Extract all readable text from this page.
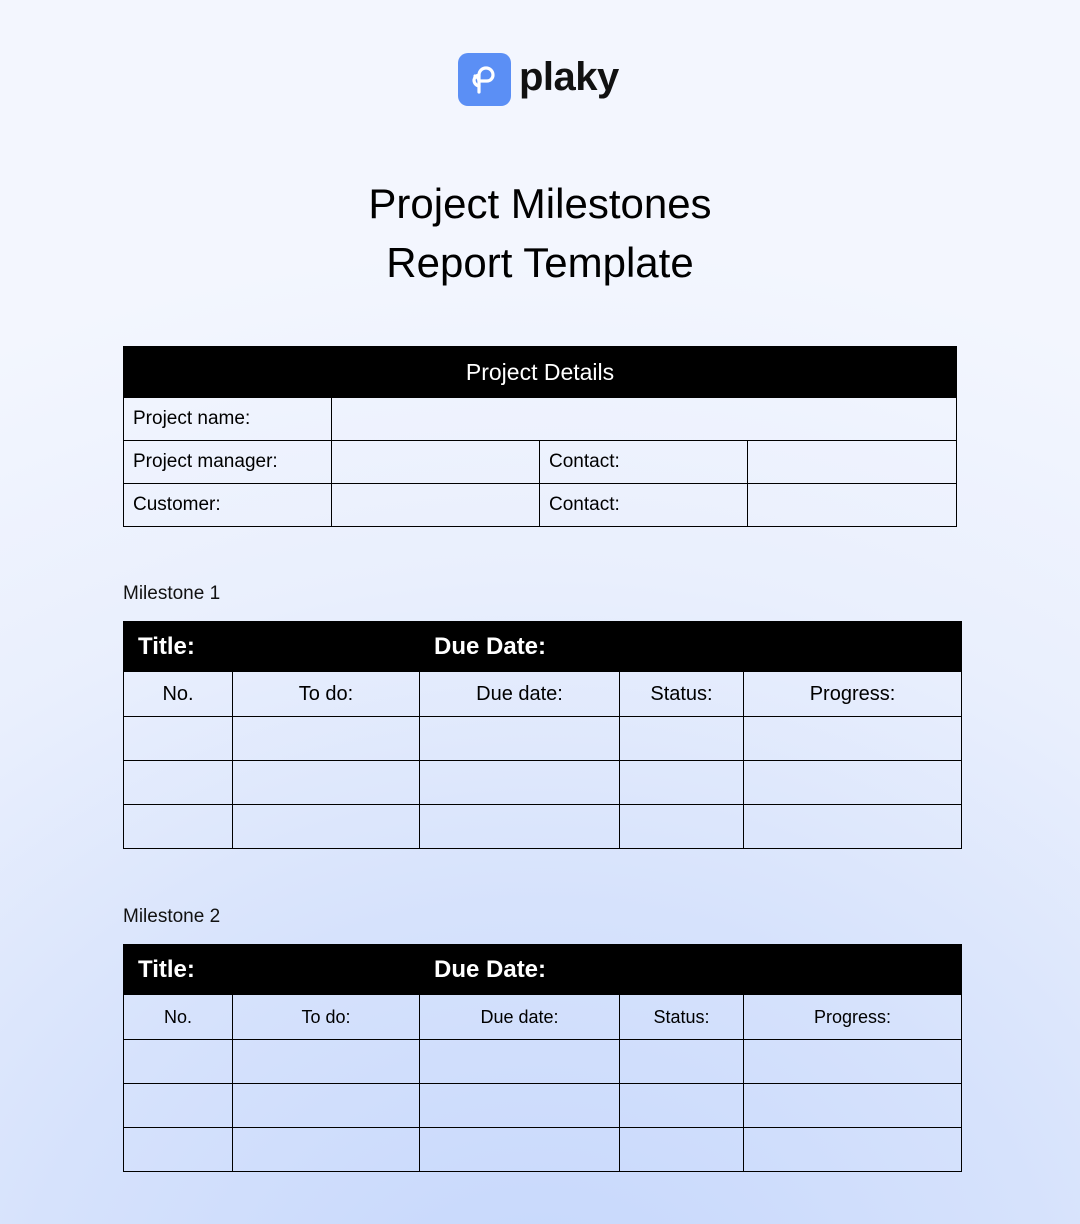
plaky
Project Milestones
Report Template
Project Details			
Project name:			
Project manager:		Contact:	
Customer:		Contact:	
Milestone 1
Title:		Due Date:		
No.	To do:	Due date:	Status:	Progress:

Milestone 2
Title:		Due Date:		
No.	To do:	Due date:	Status:	Progress:
